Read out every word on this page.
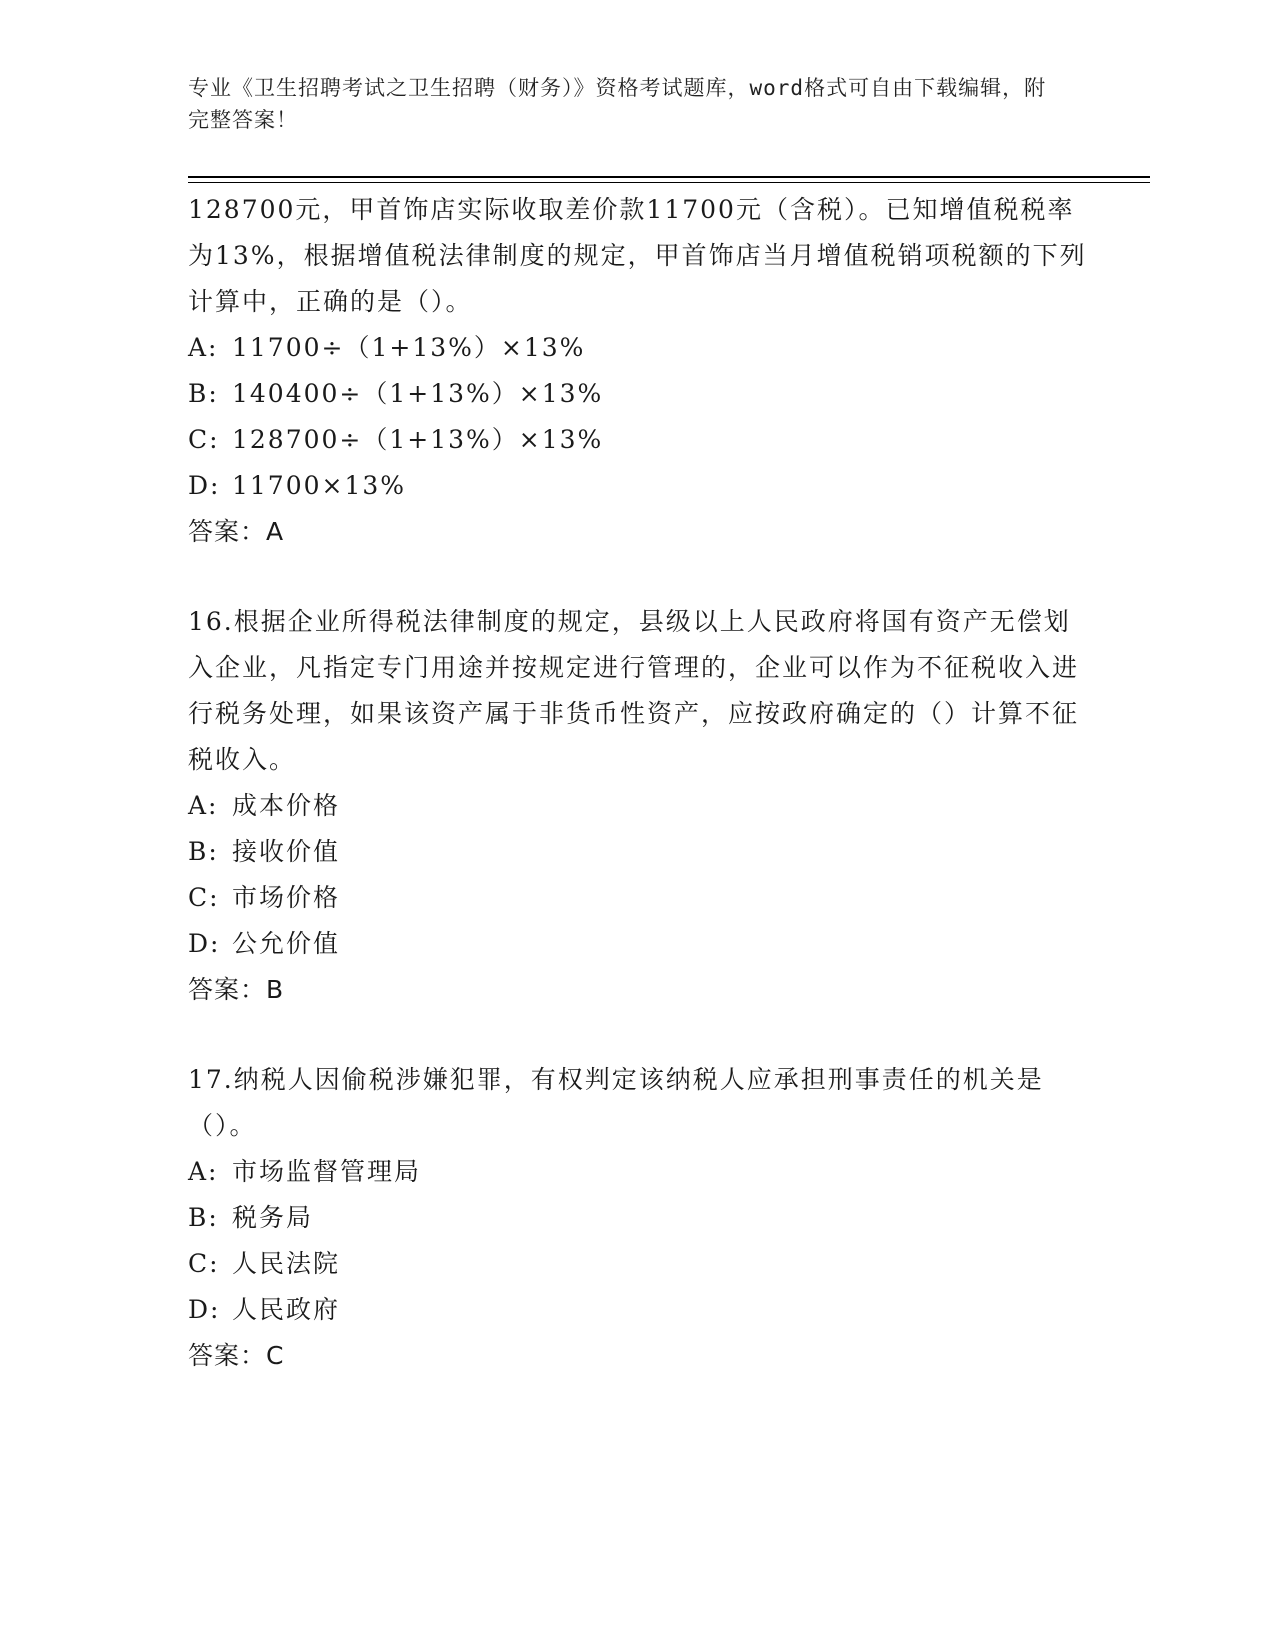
专业《卫生招聘考试之卫生招聘（财务）》资格考试题库，word格式可自由下载编辑，附完整答案！

128700元，甲首饰店实际收取差价款11700元（含税）。已知增值税税率为13%，根据增值税法律制度的规定，甲首饰店当月增值税销项税额的下列计算中，正确的是（）。

A: 11700÷（1+13%）×13%
B: 140400÷（1+13%）×13%
C: 128700÷（1+13%）×13%
D: 11700×13%
答案：A

16.根据企业所得税法律制度的规定，县级以上人民政府将国有资产无偿划入企业，凡指定专门用途并按规定进行管理的，企业可以作为不征税收入进行税务处理，如果该资产属于非货币性资产，应按政府确定的（）计算不征税收入。

A: 成本价格
B: 接收价值
C: 市场价格
D: 公允价值
答案：B

17.纳税人因偷税涉嫌犯罪，有权判定该纳税人应承担刑事责任的机关是（）。

A: 市场监督管理局
B: 税务局
C: 人民法院
D: 人民政府
答案：C
